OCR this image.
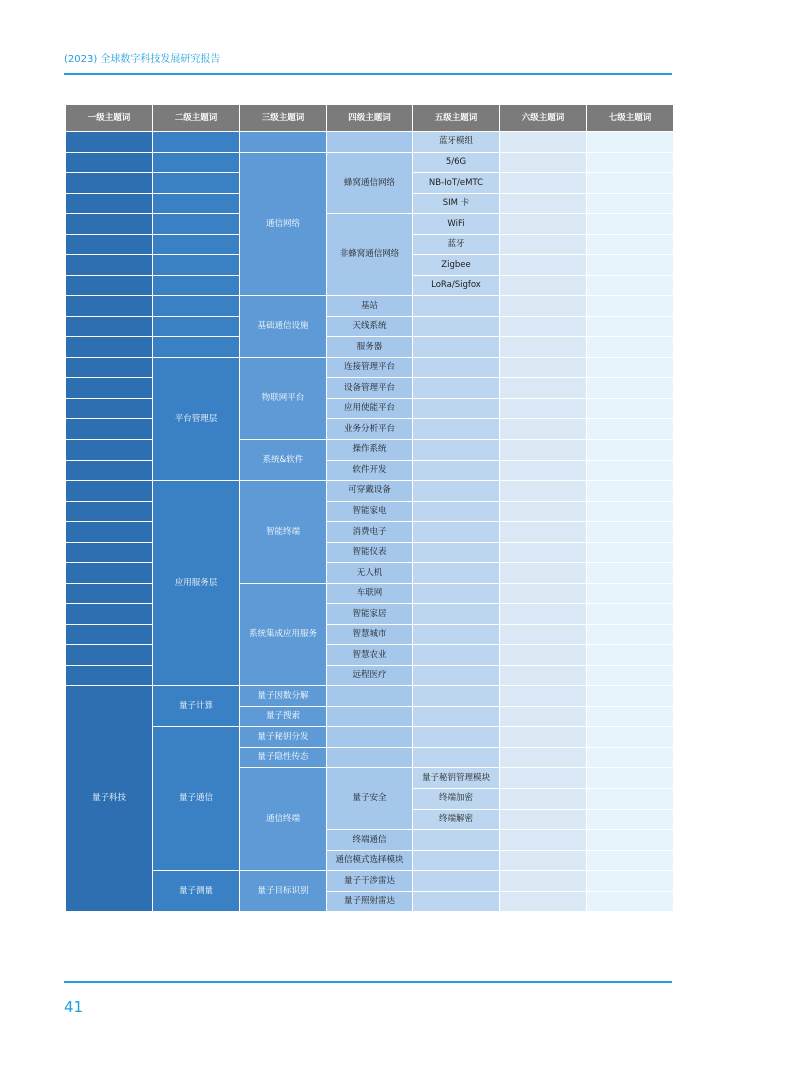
(2023) 全球数字科技发展研究报告
一级主题词	二级主题词	三级主题词	四级主题词	五级主题词	六级主题词	七级主题词
				蓝牙模组		
		通信网络	蜂窝通信网络	5/6G		
				NB-IoT/eMTC		
				SIM 卡		
			非蜂窝通信网络	WiFi		
				蓝牙		
				Zigbee		
				LoRa/Sigfox		
		基础通信设施	基站			
			天线系统			
			服务器			
	平台管理层	物联网平台	连接管理平台			
			设备管理平台			
			应用使能平台			
			业务分析平台			
		系统&软件	操作系统			
			软件开发			
	应用服务层	智能终端	可穿戴设备			
			智能家电			
			消费电子			
			智能仪表			
			无人机			
		系统集成应用服务	车联网			
			智能家居			
			智慧城市			
			智慧农业			
			远程医疗			
量子科技	量子计算	量子因数分解				
		量子搜索				
	量子通信	量子秘钥分发				
		量子隐性传态				
		通信终端	量子安全	量子秘钥管理模块		

				终端加密		
				终端解密		
			终端通信			
			通信模式选择模块			

	量子测量	量子目标识别	量子干涉雷达			
			量子照射雷达			
41
